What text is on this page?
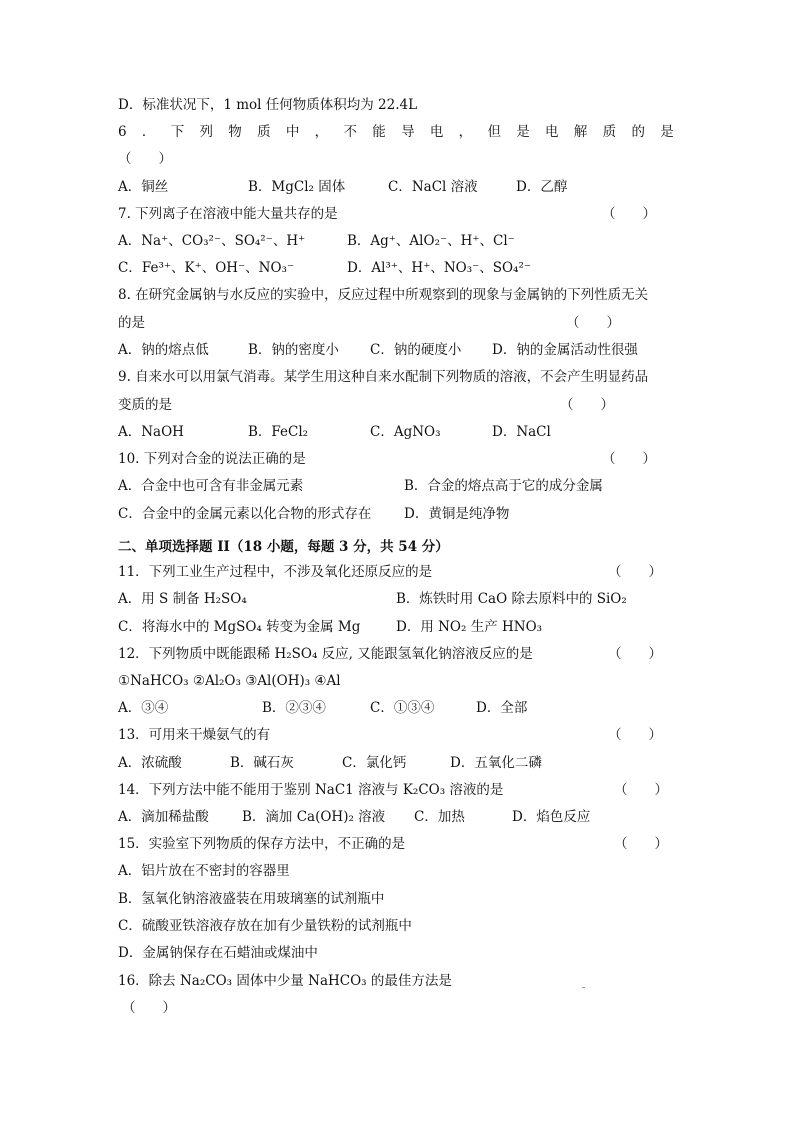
D．标准状况下，1 mol 任何物质体积均为 22.4L
6 ． 下 列 物 质 中 ， 不 能 导 电 ， 但 是 电 解 质 的 是
（　　）
A．铜丝	B．MgCl₂ 固体	C．NaCl 溶液	D．乙醇
7. 下列离子在溶液中能大量共存的是	（　　）
A．Na⁺、CO₃²⁻、SO₄²⁻、H⁺	B．Ag⁺、AlO₂⁻、H⁺、Cl⁻
C．Fe³⁺、K⁺、OH⁻、NO₃⁻	D．Al³⁺、H⁺、NO₃⁻、SO₄²⁻
8. 在研究金属钠与水反应的实验中，反应过程中所观察到的现象与金属钠的下列性质无关
的是	（　　）
A．钠的熔点低	B．钠的密度小 C．钠的硬度小 D．钠的金属活动性很强
9. 自来水可以用氯气消毒。某学生用这种自来水配制下列物质的溶液，不会产生明显药品
变质的是	（　　）
A．NaOH	B．FeCl₂	C．AgNO₃	D．NaCl
10. 下列对合金的说法正确的是	（　　）
A．合金中也可含有非金属元素	B．合金的熔点高于它的成分金属
C．合金中的金属元素以化合物的形式存在 D．黄铜是纯净物
二、单项选择题 II（18 小题，每题 3 分，共 54 分）
11．下列工业生产过程中，不涉及氧化还原反应的是	（　　）
A．用 S 制备 H₂SO₄	B．炼铁时用 CaO 除去原料中的 SiO₂
C．将海水中的 MgSO₄ 转变为金属 Mg	D．用 NO₂ 生产 HNO₃
12．下列物质中既能跟稀 H₂SO₄ 反应, 又能跟氢氧化钠溶液反应的是	（　　）
①NaHCO₃ ②Al₂O₃ ③Al(OH)₃ ④Al
A．③④	B．②③④	C．①③④	D．全部
13．可用来干燥氨气的有	（　　）
A．浓硫酸	B．碱石灰	C．氯化钙	D．五氧化二磷
14．下列方法中能不能用于鉴别 NaC1 溶液与 K₂CO₃ 溶液的是	（　　）
A．滴加稀盐酸 B．滴加 Ca(OH)₂ 溶液 C．加热	D．焰色反应
15．实验室下列物质的保存方法中，不正确的是	（　　）
A．铝片放在不密封的容器里
B．氢氧化钠溶液盛装在用玻璃塞的试剂瓶中
C．硫酸亚铁溶液存放在加有少量铁粉的试剂瓶中
D．金属钠保存在石蜡油或煤油中
16．除去 Na₂CO₃ 固体中少量 NaHCO₃ 的最佳方法是
（　　）
